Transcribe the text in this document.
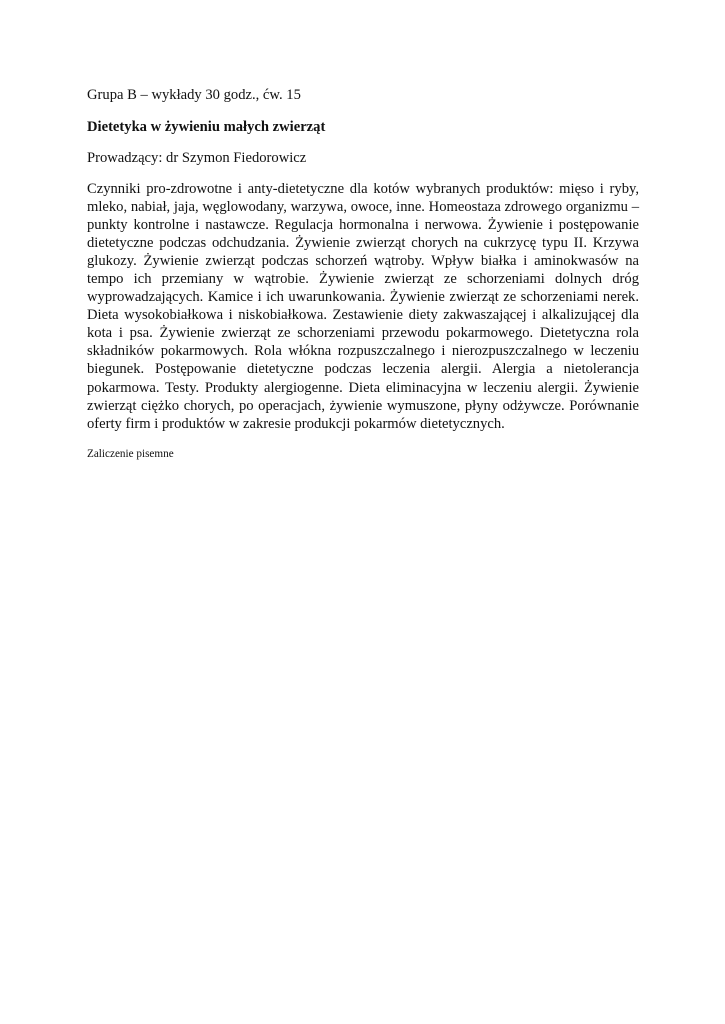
Grupa B – wykłady 30 godz., ćw. 15

Dietetyka w żywieniu małych zwierząt

Prowadzący: dr Szymon Fiedorowicz

Czynniki pro-zdrowotne i anty-dietetyczne dla kotów wybranych produktów: mięso i ryby, mleko, nabiał, jaja, węglowodany, warzywa, owoce, inne. Homeostaza zdrowego organizmu – punkty kontrolne i nastawcze. Regulacja hormonalna i nerwowa. Żywienie i postępowanie dietetyczne podczas odchudzania. Żywienie zwierząt chorych na cukrzycę typu II. Krzywa glukozy. Żywienie zwierząt podczas schorzeń wątroby. Wpływ białka i aminokwasów na tempo ich przemiany w wątrobie. Żywienie zwierząt ze schorzeniami dolnych dróg wyprowadzających. Kamice i ich uwarunkowania. Żywienie zwierząt ze schorzeniami nerek. Dieta wysokobiałkowa i niskobiałkowa. Zestawienie diety zakwaszającej i alkalizującej dla kota i psa. Żywienie zwierząt ze schorzeniami przewodu pokarmowego. Dietetyczna rola składników pokarmowych. Rola włókna rozpuszczalnego i nierozpuszczalnego w leczeniu biegunek. Postępowanie dietetyczne podczas leczenia alergii. Alergia a nietolerancja pokarmowa. Testy. Produkty alergiogenne. Dieta eliminacyjna w leczeniu alergii. Żywienie zwierząt ciężko chorych, po operacjach, żywienie wymuszone, płyny odżywcze. Porównanie oferty firm i produktów w zakresie produkcji pokarmów dietetycznych.

Zaliczenie pisemne
